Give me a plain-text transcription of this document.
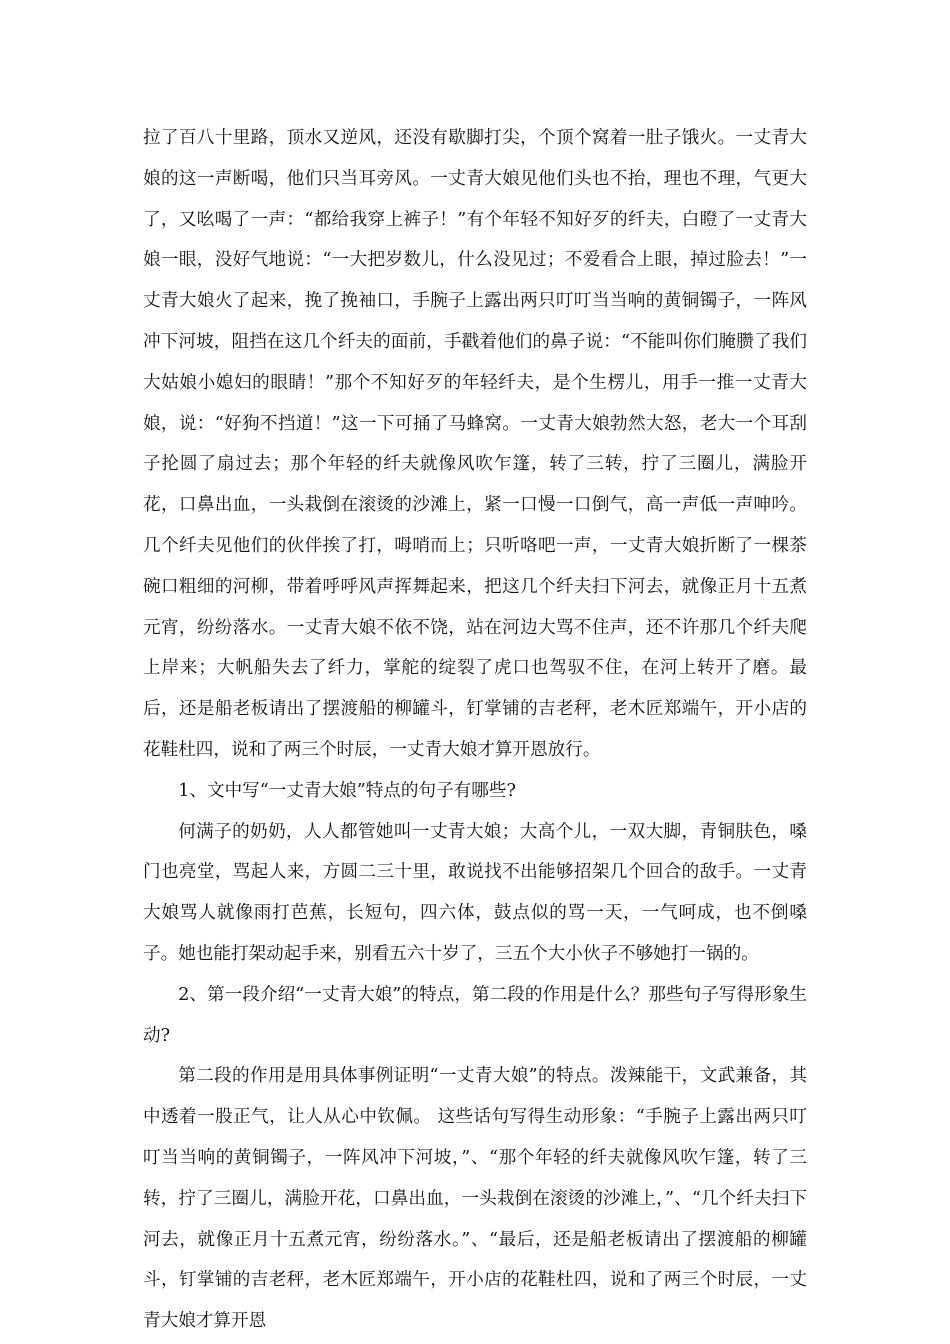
拉了百八十里路，顶水又逆风，还没有歇脚打尖，个顶个窝着一肚子饿火。一丈青大娘的这一声断喝，他们只当耳旁风。一丈青大娘见他们头也不抬，理也不理，气更大了，又吆喝了一声：“都给我穿上裤子！”有个年轻不知好歹的纤夫，白瞪了一丈青大娘一眼，没好气地说：“一大把岁数儿，什么没见过；不爱看合上眼，掉过脸去！”一丈青大娘火了起来，挽了挽袖口，手腕子上露出两只叮叮当当响的黄铜镯子，一阵风冲下河坡，阻挡在这几个纤夫的面前，手戳着他们的鼻子说：“不能叫你们腌臜了我们大姑娘小媳妇的眼睛！”那个不知好歹的年轻纤夫，是个生楞儿，用手一推一丈青大娘，说：“好狗不挡道！”这一下可捅了马蜂窝。一丈青大娘勃然大怒，老大一个耳刮子抡圆了扇过去；那个年轻的纤夫就像风吹乍篷，转了三转，拧了三圈儿，满脸开花，口鼻出血，一头栽倒在滚烫的沙滩上，紧一口慢一口倒气，高一声低一声呻吟。几个纤夫见他们的伙伴挨了打，呣哨而上；只听咯吧一声，一丈青大娘折断了一棵茶碗口粗细的河柳，带着呼呼风声挥舞起来，把这几个纤夫扫下河去，就像正月十五煮元宵，纷纷落水。一丈青大娘不依不饶，站在河边大骂不住声，还不许那几个纤夫爬上岸来；大帆船失去了纤力，掌舵的绽裂了虎口也驾驭不住，在河上转开了磨。最后，还是船老板请出了摆渡船的柳罐斗，钉掌铺的吉老秤，老木匠郑端午，开小店的花鞋杜四，说和了两三个时辰，一丈青大娘才算开恩放行。

1、文中写“一丈青大娘”特点的句子有哪些?

何满子的奶奶，人人都管她叫一丈青大娘；大高个儿，一双大脚，青铜肤色，嗓门也亮堂，骂起人来，方圆二三十里，敢说找不出能够招架几个回合的敌手。一丈青大娘骂人就像雨打芭蕉，长短句，四六体，鼓点似的骂一天，一气呵成，也不倒嗓子。她也能打架动起手来，别看五六十岁了，三五个大小伙子不够她打一锅的。

2、第一段介绍“一丈青大娘”的特点，第二段的作用是什么？那些句子写得形象生动?

第二段的作用是用具体事例证明“一丈青大娘”的特点。泼辣能干，文武兼备，其中透着一股正气，让人从心中钦佩。 这些话句写得生动形象：“手腕子上露出两只叮叮当当响的黄铜镯子，一阵风冲下河坡，”、“那个年轻的纤夫就像风吹乍篷，转了三转，拧了三圈儿，满脸开花，口鼻出血，一头栽倒在滚烫的沙滩上，”、“几个纤夫扫下河去，就像正月十五煮元宵，纷纷落水。”、“最后，还是船老板请出了摆渡船的柳罐斗，钉掌铺的吉老秤，老木匠郑端午，开小店的花鞋杜四，说和了两三个时辰，一丈青大娘才算开恩
